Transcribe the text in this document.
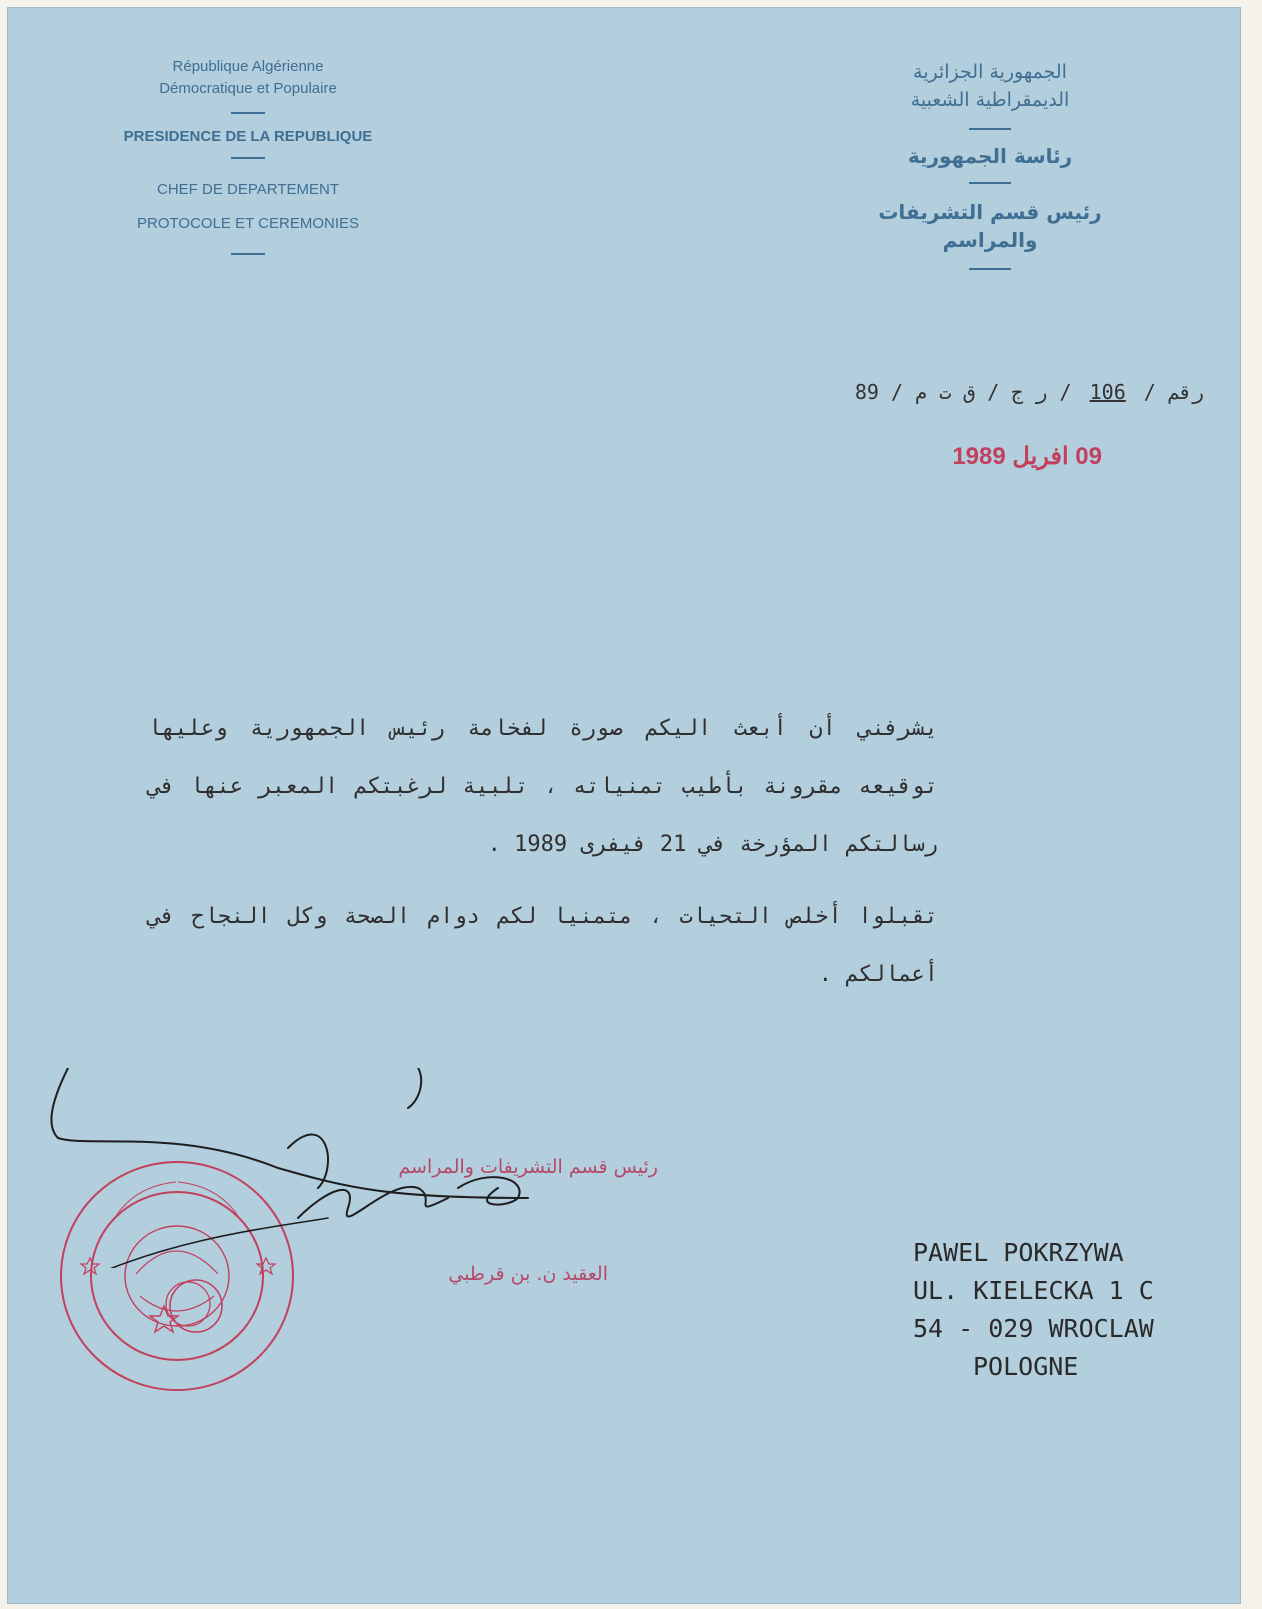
République Algérienne
Démocratique et Populaire
PRESIDENCE DE LA REPUBLIQUE
CHEF DE DEPARTEMENT
PROTOCOLE ET CEREMONIES
الجمهورية الجزائرية
الديمقراطية الشعبية
رئاسة الجمهورية
رئيس قسم التشريفات
والمراسم
رقم / 106 / ر ج / ق ت م / 89
09 افريل 1989

يشرفني أن أبعث اليكم صورة لفخامة رئيس الجمهورية وعليها توقيعه مقرونة بأطيب تمنياته ، تلبية لرغبتكم المعبر عنها في رسالتكم المؤرخة في 21 فيفرى 1989 .

تقبلوا أخلص التحيات ، متمنيا لكم دوام الصحة وكل النجاح في أعمالكم .

رئيس قسم التشريفات والمراسم
العقيد ن. بن قرطبي
PAWEL POKRZYWA
UL. KIELECKA 1 C
54 - 029 WROCLAW
POLOGNE
